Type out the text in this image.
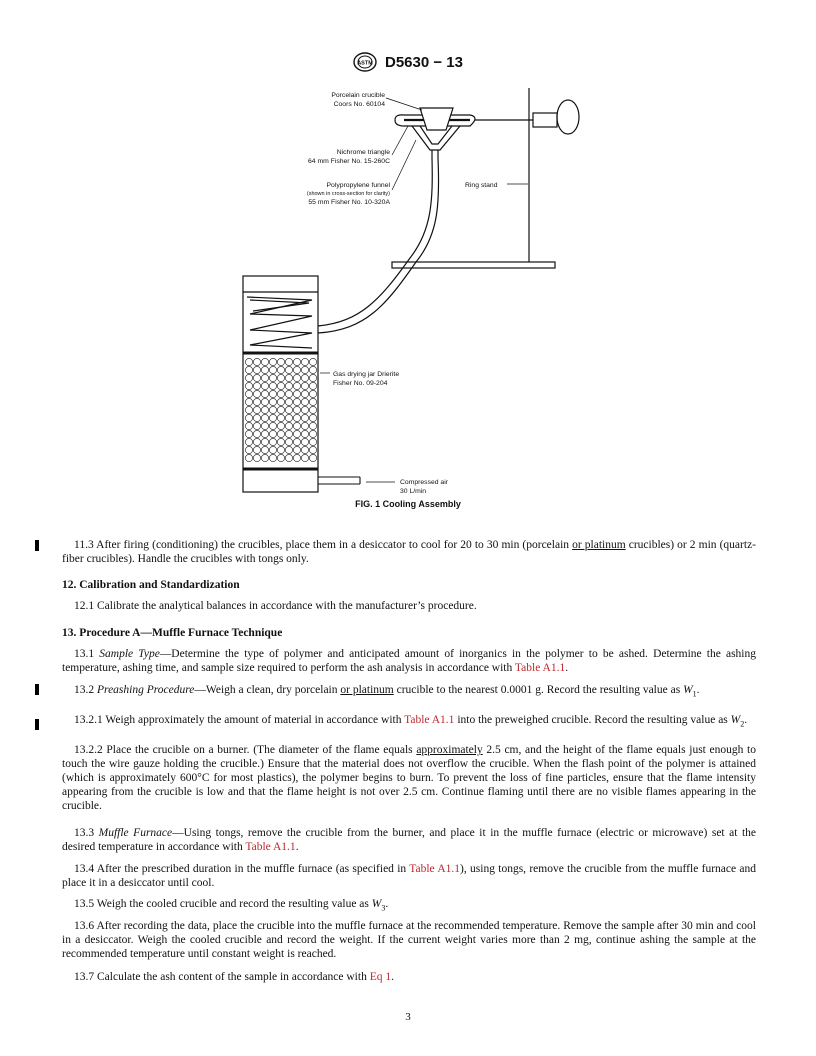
ASTM D5630 − 13
Porcelain crucible
Coors No. 60104
Nichrome triangle
64 mm Fisher No. 15-260C
Polypropylene funnel
(shown in cross-section for clarity)
55 mm Fisher No. 10-320A
Ring stand
Gas drying jar Drierite
Fisher No. 09-204
Compressed air
30 L/min
FIG. 1 Cooling Assembly
11.3 After firing (conditioning) the crucibles, place them in a desiccator to cool for 20 to 30 min (porcelain or platinum crucibles) or 2 min (quartz-fiber crucibles). Handle the crucibles with tongs only.
12. Calibration and Standardization
12.1 Calibrate the analytical balances in accordance with the manufacturer’s procedure.
13. Procedure A—Muffle Furnace Technique
13.1 Sample Type—Determine the type of polymer and anticipated amount of inorganics in the polymer to be ashed. Determine the ashing temperature, ashing time, and sample size required to perform the ash analysis in accordance with Table A1.1.
13.2 Preashing Procedure—Weigh a clean, dry porcelain or platinum crucible to the nearest 0.0001 g. Record the resulting value as $W_1$.
13.2.1 Weigh approximately the amount of material in accordance with Table A1.1 into the preweighed crucible. Record the resulting value as $W_2$.
13.2.2 Place the crucible on a burner. (The diameter of the flame equals approximately 2.5 cm, and the height of the flame equals just enough to touch the wire gauze holding the crucible.) Ensure that the material does not overflow the crucible. When the flash point of the polymer is attained (which is approximately 600°C for most plastics), the polymer begins to burn. To prevent the loss of fine particles, ensure that the flame intensity appearing from the crucible is low and that the flame height is not over 2.5 cm. Continue flaming until there are no visible flames appearing in the crucible.
13.3 Muffle Furnace—Using tongs, remove the crucible from the burner, and place it in the muffle furnace (electric or microwave) set at the desired temperature in accordance with Table A1.1.
13.4 After the prescribed duration in the muffle furnace (as specified in Table A1.1), using tongs, remove the crucible from the muffle furnace and place it in a desiccator until cool.
13.5 Weigh the cooled crucible and record the resulting value as $W_3$.
13.6 After recording the data, place the crucible into the muffle furnace at the recommended temperature. Remove the sample after 30 min and cool in a desiccator. Weigh the cooled crucible and record the weight. If the current weight varies more than 2 mg, continue ashing the sample at the recommended temperature until constant weight is reached.
13.7 Calculate the ash content of the sample in accordance with Eq 1.
3
